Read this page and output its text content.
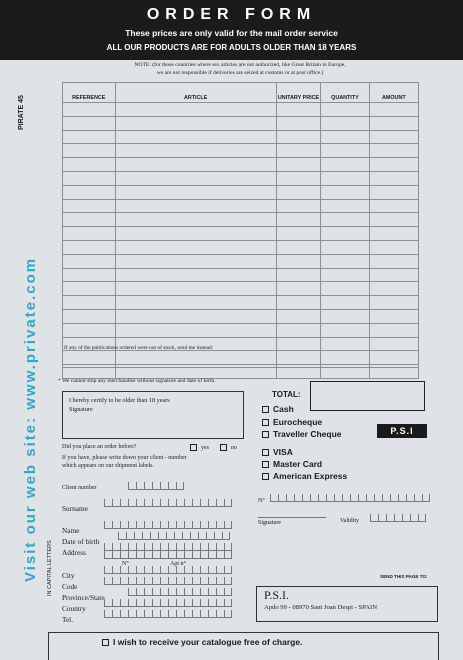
ORDER FORM
These prices are only valid for the mail order service
ALL OUR PRODUCTS ARE FOR ADULTS OLDER THAN 18 YEARS
PIRATE 45
Visit our web site: www.private.com IN CAPITAL LETTERS
NOTE: (for those countries where sex articles are not authorized, like Great Britain in Europe,
we are not responsible if deliveries are seized at customs or at post office.)
REFERENCE	ARTICLE	UNITARY PRICE	QUANTITY	AMOUNT

If any of the publications ordered were out of stock, send me instead:
* We cannot ship any merchandise without signature and date of birth.
I hereby certify to be older than 18 years
Signature
Did you place an order before?	yes	no
If you have, please write down your client - number
which appears on our shipment labels.
Client number
TOTAL:
Cash
Eurocheque
Traveller Cheque	P.S.I
VISA
Master Card
American Express
N°
Signature	Validity
Surname
Name
Date of birth
Address
N°	Apt n°
City
Code
Province/State
Country
Tel.
SEND THIS PAGE TO:
P.S.I.
Apdo 99 - 08970 Sant Joan Despi - SPAIN
I wish to receive your catalogue free of charge.
